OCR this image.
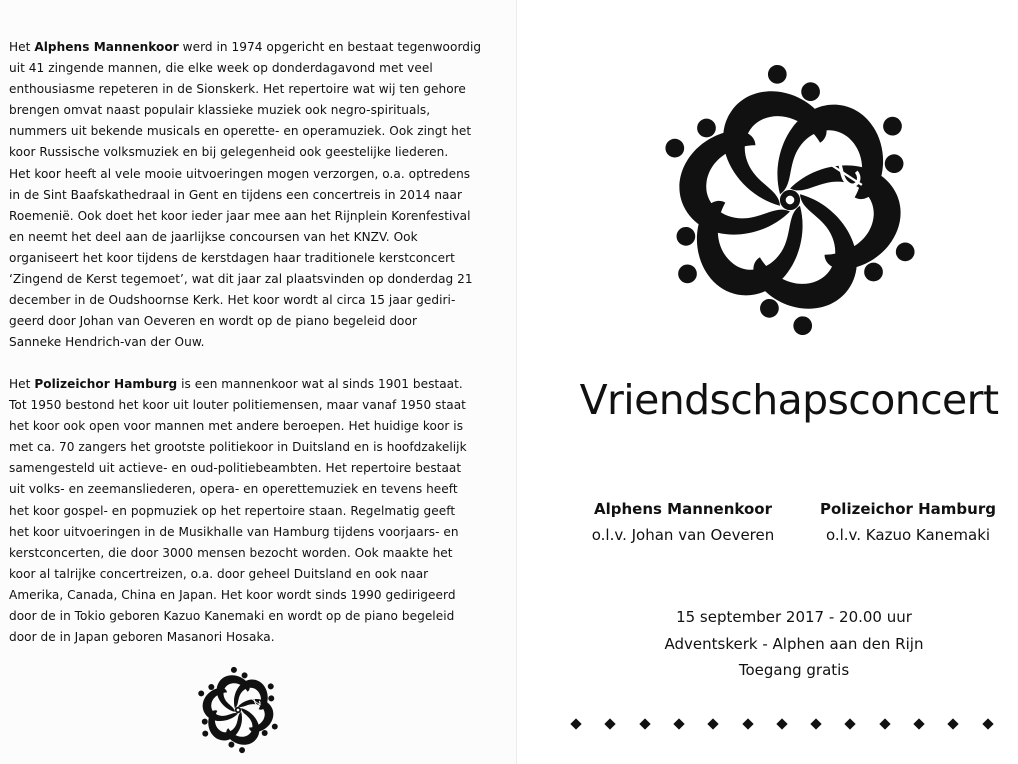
Het Alphens Mannenkoor werd in 1974 opgericht en bestaat tegenwoordig
uit 41 zingende mannen, die elke week op donderdagavond met veel
enthousiasme repeteren in de Sionskerk. Het repertoire wat wij ten gehore
brengen omvat naast populair klassieke muziek ook negro-spirituals,
nummers uit bekende musicals en operette- en operamuziek. Ook zingt het
koor Russische volksmuziek en bij gelegenheid ook geestelijke liederen.
Het koor heeft al vele mooie uitvoeringen mogen verzorgen, o.a. optredens
in de Sint Baafskathedraal in Gent en tijdens een concertreis in 2014 naar
Roemenië. Ook doet het koor ieder jaar mee aan het Rijnplein Korenfestival
en neemt het deel aan de jaarlijkse concoursen van het KNZV. Ook
organiseert het koor tijdens de kerstdagen haar traditionele kerstconcert
‘Zingend de Kerst tegemoet’, wat dit jaar zal plaatsvinden op donderdag 21
december in de Oudshoornse Kerk. Het koor wordt al circa 15 jaar gediri-
geerd door Johan van Oeveren en wordt op de piano begeleid door
Sanneke Hendrich-van der Ouw.
Het Polizeichor Hamburg is een mannenkoor wat al sinds 1901 bestaat.
Tot 1950 bestond het koor uit louter politiemensen, maar vanaf 1950 staat
het koor ook open voor mannen met andere beroepen. Het huidige koor is
met ca. 70 zangers het grootste politiekoor in Duitsland en is hoofdzakelijk
samengesteld uit actieve- en oud-politiebeambten. Het repertoire bestaat
uit volks- en zeemansliederen, opera- en operettemuziek en tevens heeft
het koor gospel- en popmuziek op het repertoire staan. Regelmatig geeft
het koor uitvoeringen in de Musikhalle van Hamburg tijdens voorjaars- en
kerstconcerten, die door 3000 mensen bezocht worden. Ook maakte het
koor al talrijke concertreizen, o.a. door geheel Duitsland en ook naar
Amerika, Canada, China en Japan. Het koor wordt sinds 1990 gedirigeerd
door de in Tokio geboren Kazuo Kanemaki en wordt op de piano begeleid
door de in Japan geboren Masanori Hosaka.
Vriendschapsconcert
Alphens Mannenkoor
o.l.v. Johan van Oeveren
Polizeichor Hamburg
o.l.v. Kazuo Kanemaki
15 september 2017 - 20.00 uur
Adventskerk - Alphen aan den Rijn
Toegang gratis
